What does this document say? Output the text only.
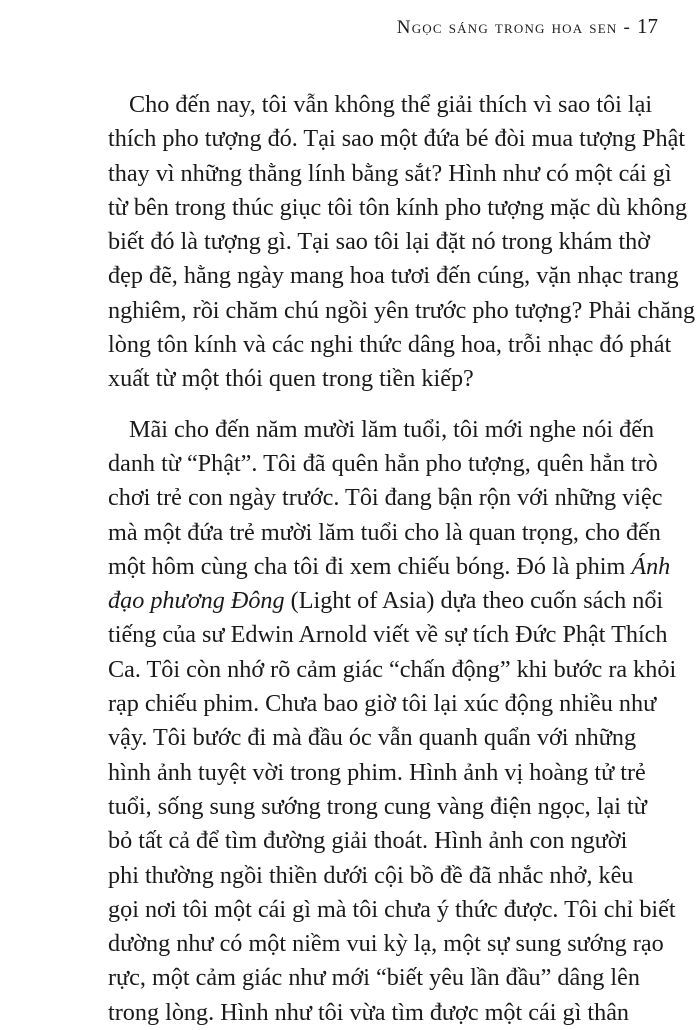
Ngọc sáng trong hoa sen - 17
Cho đến nay, tôi vẫn không thể giải thích vì sao tôi lại
thích pho tượng đó. Tại sao một đứa bé đòi mua tượng Phật
thay vì những thằng lính bằng sắt? Hình như có một cái gì
từ bên trong thúc giục tôi tôn kính pho tượng mặc dù không
biết đó là tượng gì. Tại sao tôi lại đặt nó trong khám thờ
đẹp đẽ, hằng ngày mang hoa tươi đến cúng, vặn nhạc trang
nghiêm, rồi chăm chú ngồi yên trước pho tượng? Phải chăng
lòng tôn kính và các nghi thức dâng hoa, trỗi nhạc đó phát
xuất từ một thói quen trong tiền kiếp?
Mãi cho đến năm mười lăm tuổi, tôi mới nghe nói đến
danh từ “Phật”. Tôi đã quên hẳn pho tượng, quên hẳn trò
chơi trẻ con ngày trước. Tôi đang bận rộn với những việc
mà một đứa trẻ mười lăm tuổi cho là quan trọng, cho đến
một hôm cùng cha tôi đi xem chiếu bóng. Đó là phim Ánh
đạo phương Đông (Light of Asia) dựa theo cuốn sách nổi
tiếng của sư Edwin Arnold viết về sự tích Đức Phật Thích
Ca. Tôi còn nhớ rõ cảm giác “chấn động” khi bước ra khỏi
rạp chiếu phim. Chưa bao giờ tôi lại xúc động nhiều như
vậy. Tôi bước đi mà đầu óc vẫn quanh quẩn với những
hình ảnh tuyệt vời trong phim. Hình ảnh vị hoàng tử trẻ
tuổi, sống sung sướng trong cung vàng điện ngọc, lại từ
bỏ tất cả để tìm đường giải thoát. Hình ảnh con người
phi thường ngồi thiền dưới cội bồ đề đã nhắc nhở, kêu
gọi nơi tôi một cái gì mà tôi chưa ý thức được. Tôi chỉ biết
dường như có một niềm vui kỳ lạ, một sự sung sướng rạo
rực, một cảm giác như mới “biết yêu lần đầu” dâng lên
trong lòng. Hình như tôi vừa tìm được một cái gì thân
